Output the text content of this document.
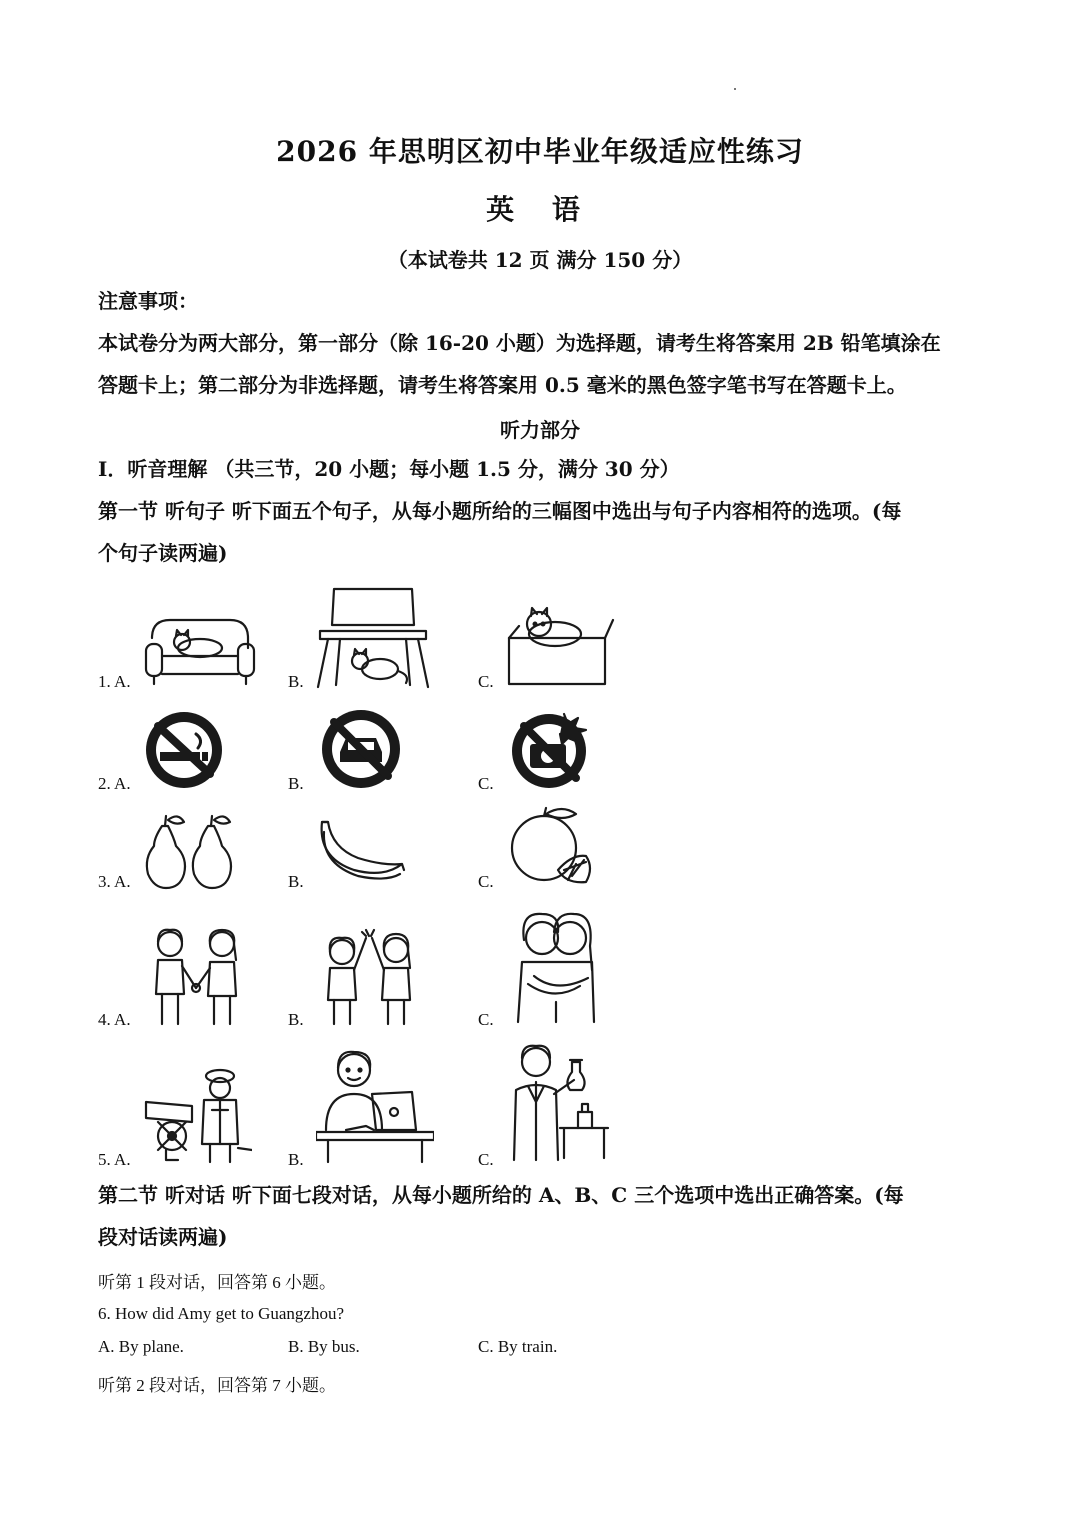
2026 年思明区初中毕业年级适应性练习
英 语
（本试卷共 12 页 满分 150 分）
注意事项：
本试卷分为两大部分，第一部分（除 16-20 小题）为选择题，请考生将答案用 2B 铅笔填涂在
答题卡上；第二部分为非选择题，请考生将答案用 0.5 毫米的黑色签字笔书写在答题卡上。
听力部分
I．听音理解 （共三节，20 小题；每小题 1.5 分，满分 30 分）
第一节 听句子 听下面五个句子，从每小题所给的三幅图中选出与句子内容相符的选项。(每
个句子读两遍)
1. A.	B.	C.
2. A.	B.	C.
3. A.	B.	C.
4. A.	B.	C.
5. A.	B.	C.
第二节 听对话 听下面七段对话，从每小题所给的 A、B、C 三个选项中选出正确答案。(每
段对话读两遍)
听第 1 段对话，回答第 6 小题。
6. How did Amy get to Guangzhou?
A. By plane.	B. By bus.	C. By train.
听第 2 段对话，回答第 7 小题。
